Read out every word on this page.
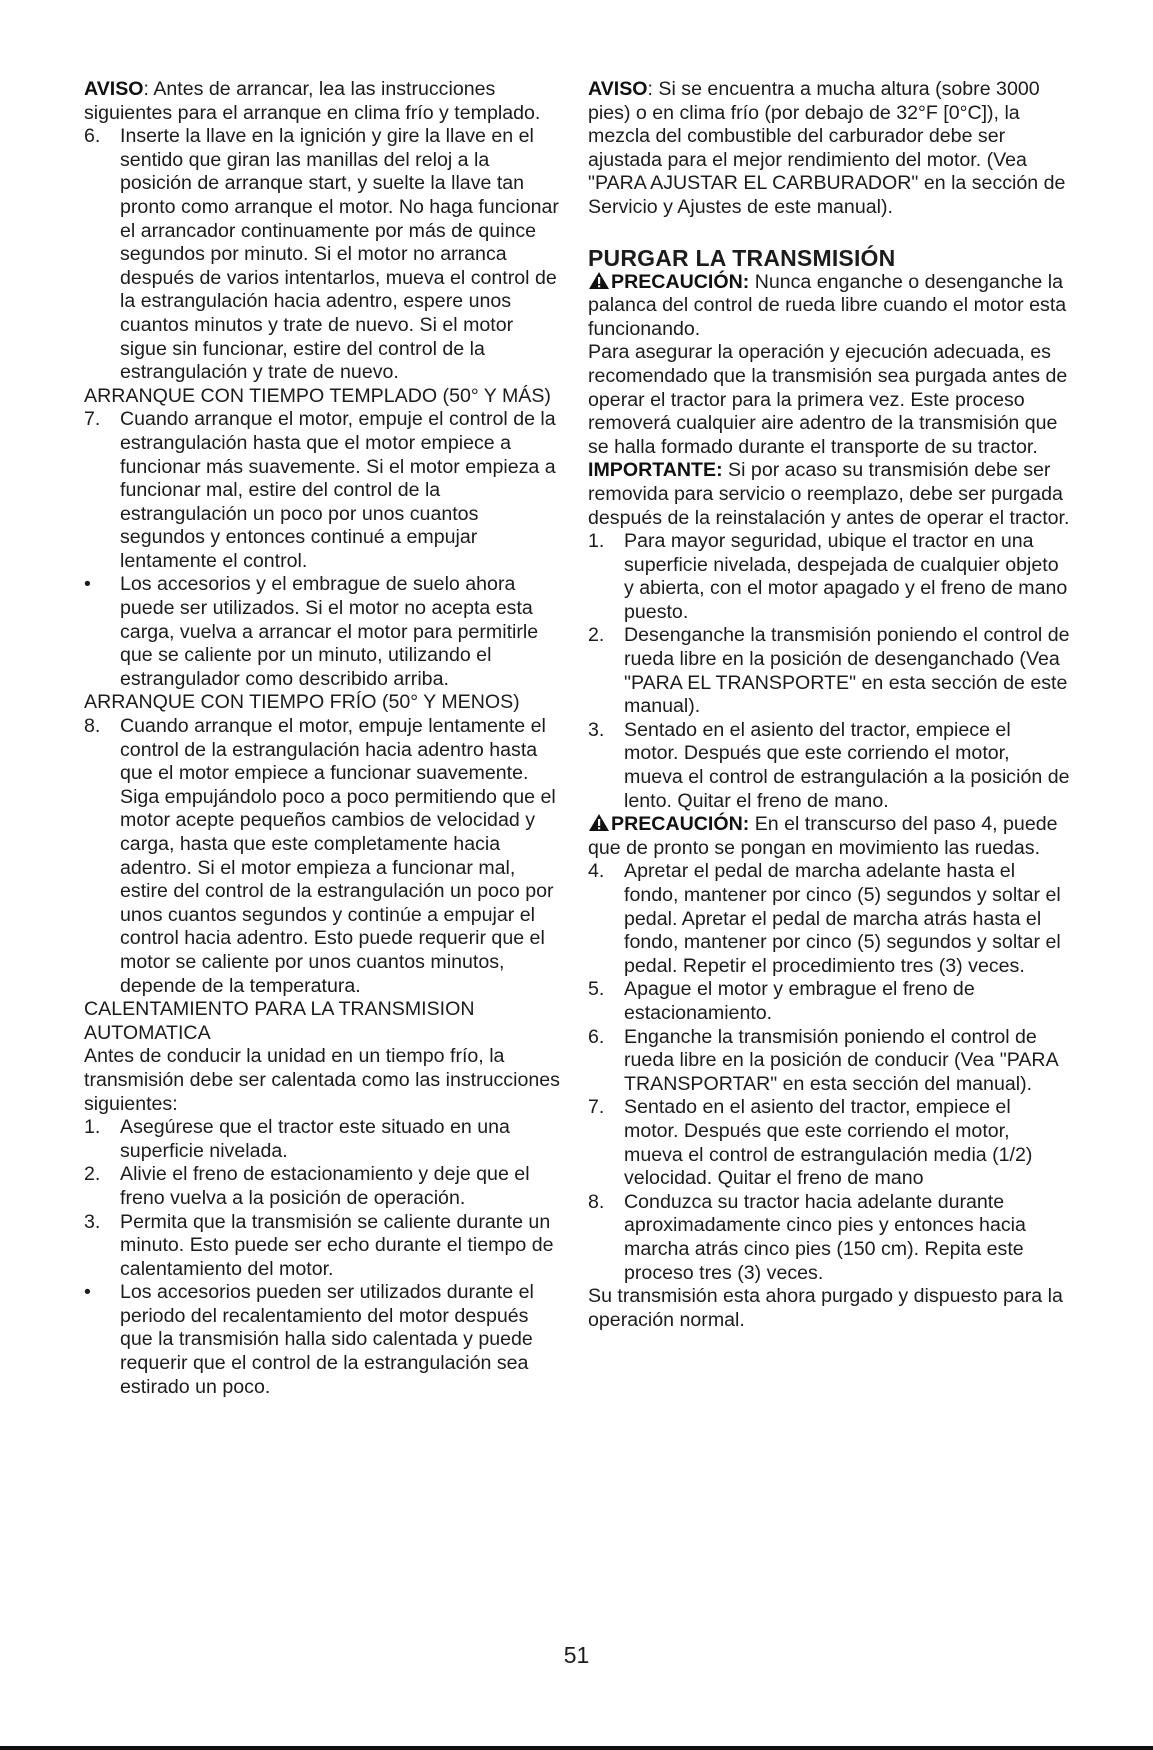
AVISO: Antes de arrancar, lea las instrucciones siguientes para el arranque en clima frío y templado.

6.	Inserte la llave en la ignición y gire la llave en el sentido que giran las manillas del reloj a la posición de arranque start, y suelte la llave tan pronto como arranque el motor. No haga funcionar el arrancador continuamente por más de quince segundos por minuto. Si el motor no arranca después de varios intentarlos, mueva el control de la estrangulación hacia adentro, espere unos cuantos minutos y trate de nuevo. Si el motor sigue sin funcionar, estire del control de la estrangulación y trate de nuevo.

ARRANQUE CON TIEMPO TEMPLADO (50° Y MÁS)

7.	Cuando arranque el motor, empuje el control de la estrangulación hasta que el motor empiece a funcionar más suavemente. Si el motor empieza a funcionar mal, estire del control de la estrangulación un poco por unos cuantos segundos y entonces continué a empujar lentamente el control.
•	Los accesorios y el embrague de suelo ahora puede ser utilizados. Si el motor no acepta esta carga, vuelva a arrancar el motor para permitirle que se caliente por un minuto, utilizando el estrangulador como describido arriba.

ARRANQUE CON TIEMPO FRÍO (50° Y MENOS)

8.	Cuando arranque el motor, empuje lentamente el control de la estrangulación hacia adentro hasta que el motor empiece a funcionar suavemente. Siga empujándolo poco a poco permitiendo que el motor acepte pequeños cambios de velocidad y carga, hasta que este completamente hacia adentro. Si el motor empieza a funcionar mal, estire del control de la estrangulación un poco por unos cuantos segundos y continúe a empujar el control hacia adentro. Esto puede requerir que el motor se caliente por unos cuantos minutos, depende de la temperatura.

CALENTAMIENTO PARA LA TRANSMISION AUTOMATICA

Antes de conducir la unidad en un tiempo frío, la transmisión debe ser calentada como las instrucciones siguientes:

1.	Asegúrese que el tractor este situado en una superficie nivelada.
2.	Alivie el freno de estacionamiento y deje que el freno vuelva a la posición de operación.
3.	Permita que la transmisión se caliente durante un minuto. Esto puede ser echo durante el tiempo de calentamiento del motor.
•	Los accesorios pueden ser utilizados durante el periodo del recalentamiento del motor después que la transmisión halla sido calentada y puede requerir que el control de la estrangulación sea estirado un poco.

AVISO: Si se encuentra a mucha altura (sobre 3000 pies) o en clima frío (por debajo de 32°F [0°C]), la mezcla del combustible del carburador debe ser ajustada para el mejor rendimiento del motor. (Vea "PARA AJUSTAR EL CARBURADOR" en la sección de Servicio y Ajustes de este manual).

PURGAR LA TRANSMISIÓN

PRECAUCIÓN: Nunca enganche o desenganche la palanca del control de rueda libre cuando el motor esta funcionando.

Para asegurar la operación y ejecución adecuada, es recomendado que la transmisión sea purgada antes de operar el tractor para la primera vez. Este proceso removerá cualquier aire adentro de la transmisión que se halla formado durante el transporte de su tractor.

IMPORTANTE: Si por acaso su transmisión debe ser removida para servicio o reemplazo, debe ser purgada después de la reinstalación y antes de operar el tractor.

1.	Para mayor seguridad, ubique el tractor en una superficie nivelada, despejada de cualquier objeto y abierta, con el motor apagado y el freno de mano puesto.
2.	Desenganche la transmisión poniendo el control de rueda libre en la posición de desenganchado (Vea "PARA EL TRANSPORTE" en esta sección de este manual).
3.	Sentado en el asiento del tractor, empiece el motor. Después que este corriendo el motor, mueva el control de estrangulación a la posición de lento. Quitar el freno de mano.

PRECAUCIÓN: En el transcurso del paso 4, puede que de pronto se pongan en movimiento las ruedas.

4.	Apretar el pedal de marcha adelante hasta el fondo, mantener por cinco (5) segundos y soltar el pedal. Apretar el pedal de marcha atrás hasta el fondo, mantener por cinco (5) segundos y soltar el pedal. Repetir el procedimiento tres (3) veces.
5.	Apague el motor y embrague el freno de estacionamiento.
6.	Enganche la transmisión poniendo el control de rueda libre en la posición de conducir (Vea "PARA TRANSPORTAR" en esta sección del manual).
7.	Sentado en el asiento del tractor, empiece el motor. Después que este corriendo el motor, mueva el control de estrangulación media (1/2) velocidad. Quitar el freno de mano
8.	Conduzca su tractor hacia adelante durante aproximadamente cinco pies y entonces hacia marcha atrás cinco pies (150 cm). Repita este proceso tres (3) veces.

Su transmisión esta ahora purgado y dispuesto para la operación normal.

51
